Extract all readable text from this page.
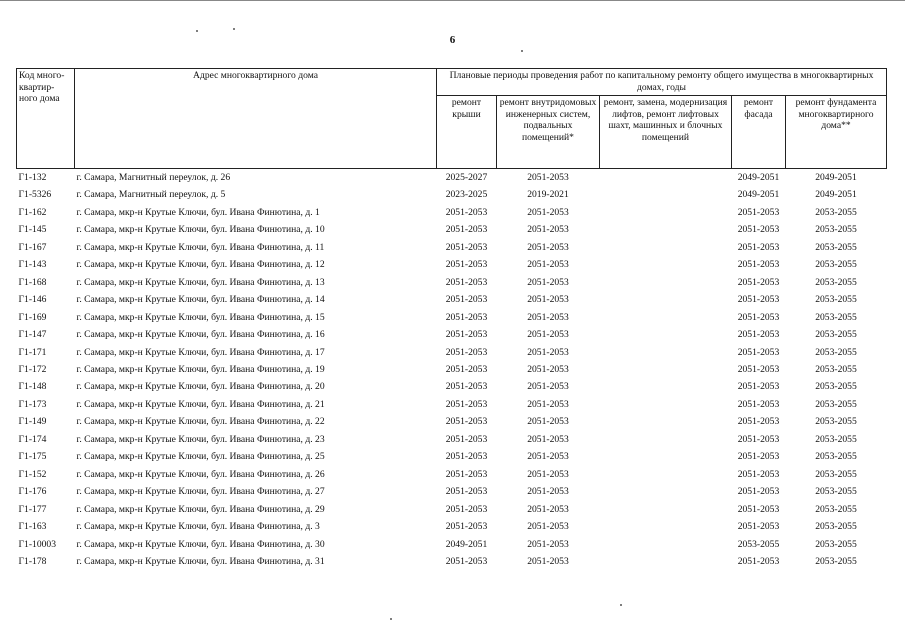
6
Код много-квартир-ного дома	Адрес многоквартирного дома	Плановые периоды проведения работ по капитальному ремонту общего имущества в многоквартирных домах, годы				
		ремонт крыши	ремонт внутридомовых инженерных систем, подвальных помещений*	ремонт, замена, модернизация лифтов, ремонт лифтовых шахт, машинных и блочных помещений	ремонт фасада	ремонт фундамента многоквартирного дома**
Г1-132	г. Самара, Магнитный переулок, д. 26	2025-2027	2051-2053		2049-2051	2049-2051
Г1-5326	г. Самара, Магнитный переулок, д. 5	2023-2025	2019-2021		2049-2051	2049-2051
Г1-162	г. Самара, мкр-н Крутые Ключи, бул. Ивана Финютина, д. 1	2051-2053	2051-2053		2051-2053	2053-2055
Г1-145	г. Самара, мкр-н Крутые Ключи, бул. Ивана Финютина, д. 10	2051-2053	2051-2053		2051-2053	2053-2055
Г1-167	г. Самара, мкр-н Крутые Ключи, бул. Ивана Финютина, д. 11	2051-2053	2051-2053		2051-2053	2053-2055
Г1-143	г. Самара, мкр-н Крутые Ключи, бул. Ивана Финютина, д. 12	2051-2053	2051-2053		2051-2053	2053-2055
Г1-168	г. Самара, мкр-н Крутые Ключи, бул. Ивана Финютина, д. 13	2051-2053	2051-2053		2051-2053	2053-2055
Г1-146	г. Самара, мкр-н Крутые Ключи, бул. Ивана Финютина, д. 14	2051-2053	2051-2053		2051-2053	2053-2055
Г1-169	г. Самара, мкр-н Крутые Ключи, бул. Ивана Финютина, д. 15	2051-2053	2051-2053		2051-2053	2053-2055
Г1-147	г. Самара, мкр-н Крутые Ключи, бул. Ивана Финютина, д. 16	2051-2053	2051-2053		2051-2053	2053-2055
Г1-171	г. Самара, мкр-н Крутые Ключи, бул. Ивана Финютина, д. 17	2051-2053	2051-2053		2051-2053	2053-2055
Г1-172	г. Самара, мкр-н Крутые Ключи, бул. Ивана Финютина, д. 19	2051-2053	2051-2053		2051-2053	2053-2055
Г1-148	г. Самара, мкр-н Крутые Ключи, бул. Ивана Финютина, д. 20	2051-2053	2051-2053		2051-2053	2053-2055
Г1-173	г. Самара, мкр-н Крутые Ключи, бул. Ивана Финютина, д. 21	2051-2053	2051-2053		2051-2053	2053-2055
Г1-149	г. Самара, мкр-н Крутые Ключи, бул. Ивана Финютина, д. 22	2051-2053	2051-2053		2051-2053	2053-2055
Г1-174	г. Самара, мкр-н Крутые Ключи, бул. Ивана Финютина, д. 23	2051-2053	2051-2053		2051-2053	2053-2055
Г1-175	г. Самара, мкр-н Крутые Ключи, бул. Ивана Финютина, д. 25	2051-2053	2051-2053		2051-2053	2053-2055
Г1-152	г. Самара, мкр-н Крутые Ключи, бул. Ивана Финютина, д. 26	2051-2053	2051-2053		2051-2053	2053-2055
Г1-176	г. Самара, мкр-н Крутые Ключи, бул. Ивана Финютина, д. 27	2051-2053	2051-2053		2051-2053	2053-2055
Г1-177	г. Самара, мкр-н Крутые Ключи, бул. Ивана Финютина, д. 29	2051-2053	2051-2053		2051-2053	2053-2055
Г1-163	г. Самара, мкр-н Крутые Ключи, бул. Ивана Финютина, д. 3	2051-2053	2051-2053		2051-2053	2053-2055
Г1-10003	г. Самара, мкр-н Крутые Ключи, бул. Ивана Финютина, д. 30	2049-2051	2051-2053		2053-2055	2053-2055
Г1-178	г. Самара, мкр-н Крутые Ключи, бул. Ивана Финютина, д. 31	2051-2053	2051-2053		2051-2053	2053-2055
